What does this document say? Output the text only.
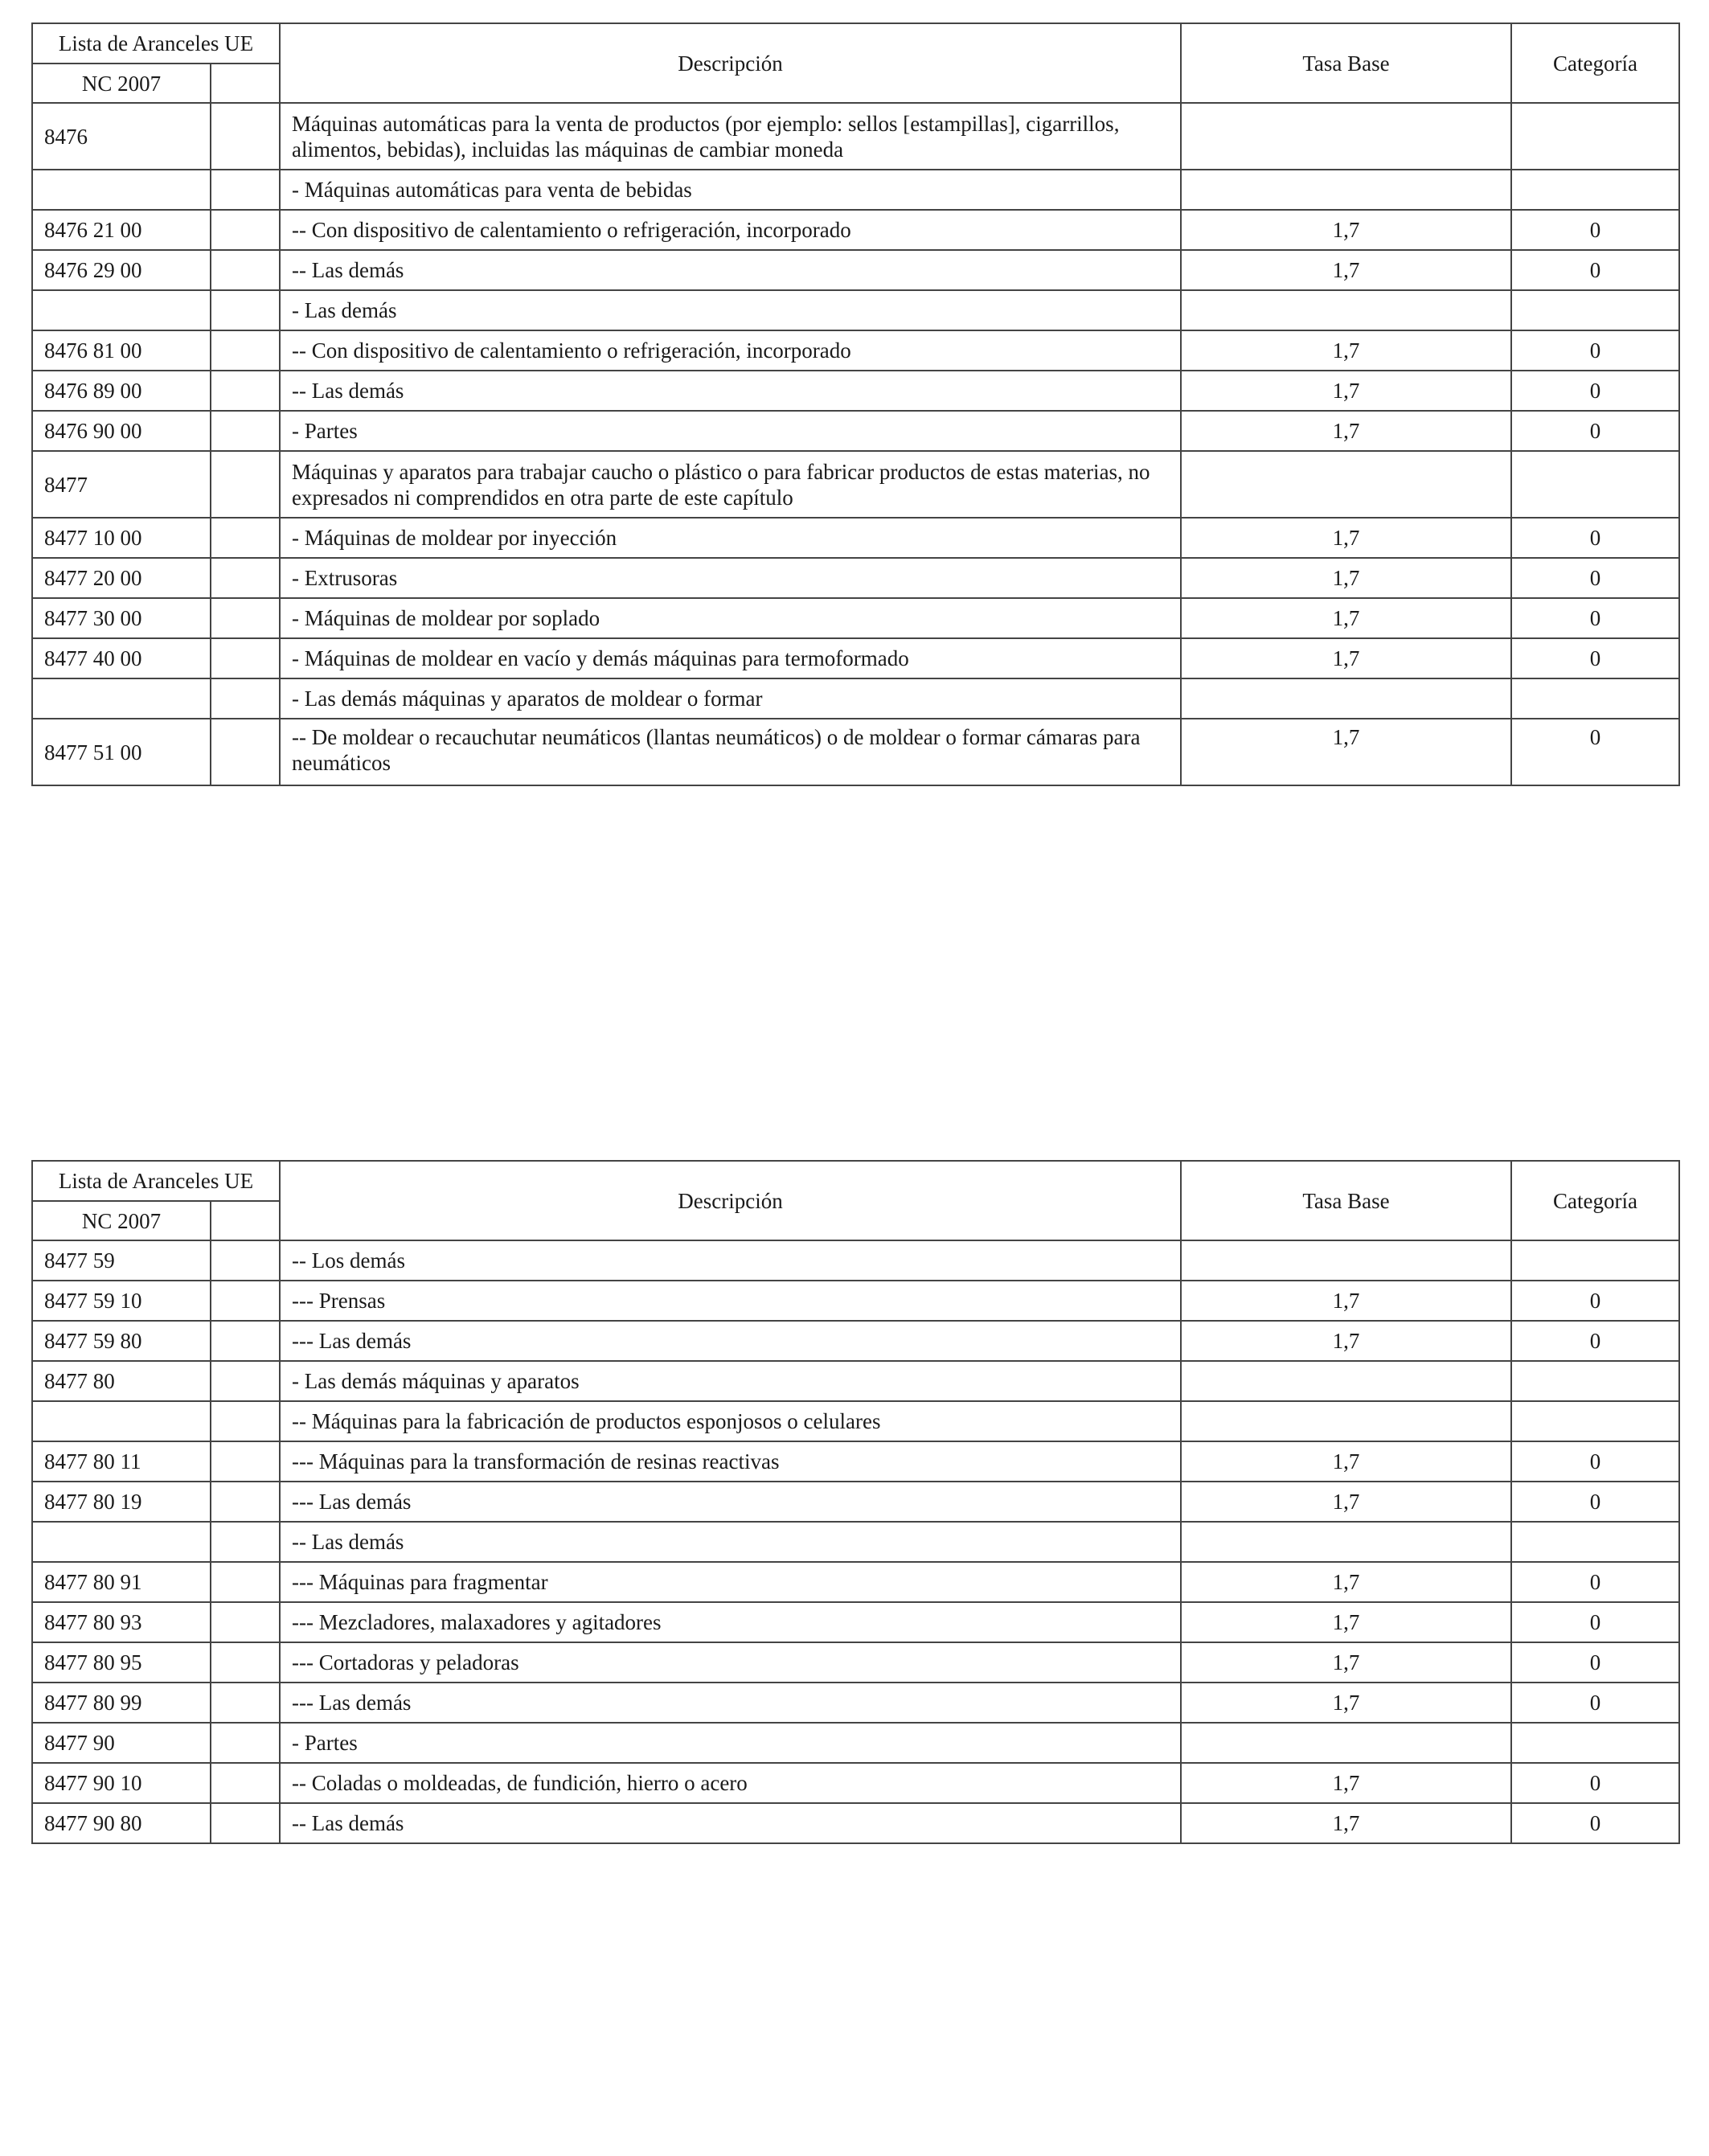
Lista de Aranceles UE		Descripción	Tasa Base	Categoría
NC 2007				
8476		Máquinas automáticas para la venta de productos (por ejemplo: sellos [estampillas], cigarrillos, alimentos, bebidas), incluidas las máquinas de cambiar moneda		
		- Máquinas automáticas para venta de bebidas		
8476 21 00		-- Con dispositivo de calentamiento o refrigeración, incorporado	1,7	0
8476 29 00		-- Las demás	1,7	0
		- Las demás		
8476 81 00		-- Con dispositivo de calentamiento o refrigeración, incorporado	1,7	0
8476 89 00		-- Las demás	1,7	0
8476 90 00		- Partes	1,7	0
8477		Máquinas y aparatos para trabajar caucho o plástico o para fabricar productos de estas materias, no expresados ni comprendidos en otra parte de este capítulo		
8477 10 00		- Máquinas de moldear por inyección	1,7	0
8477 20 00		- Extrusoras	1,7	0
8477 30 00		- Máquinas de moldear por soplado	1,7	0
8477 40 00		- Máquinas de moldear en vacío y demás máquinas para termoformado	1,7	0
		- Las demás máquinas y aparatos de moldear o formar		
8477 51 00		-- De moldear o recauchutar neumáticos (llantas neumáticos) o de moldear o formar cámaras para neumáticos	1,7	0
Lista de Aranceles UE		Descripción	Tasa Base	Categoría
NC 2007				
8477 59		-- Los demás		
8477 59 10		--- Prensas	1,7	0
8477 59 80		--- Las demás	1,7	0
8477 80		- Las demás máquinas y aparatos		
		-- Máquinas para la fabricación de productos esponjosos o celulares		
8477 80 11		--- Máquinas para la transformación de resinas reactivas	1,7	0
8477 80 19		--- Las demás	1,7	0
		-- Las demás		
8477 80 91		--- Máquinas para fragmentar	1,7	0
8477 80 93		--- Mezcladores, malaxadores y agitadores	1,7	0
8477 80 95		--- Cortadoras y peladoras	1,7	0
8477 80 99		--- Las demás	1,7	0
8477 90		- Partes		
8477 90 10		-- Coladas o moldeadas, de fundición, hierro o acero	1,7	0
8477 90 80		-- Las demás	1,7	0
